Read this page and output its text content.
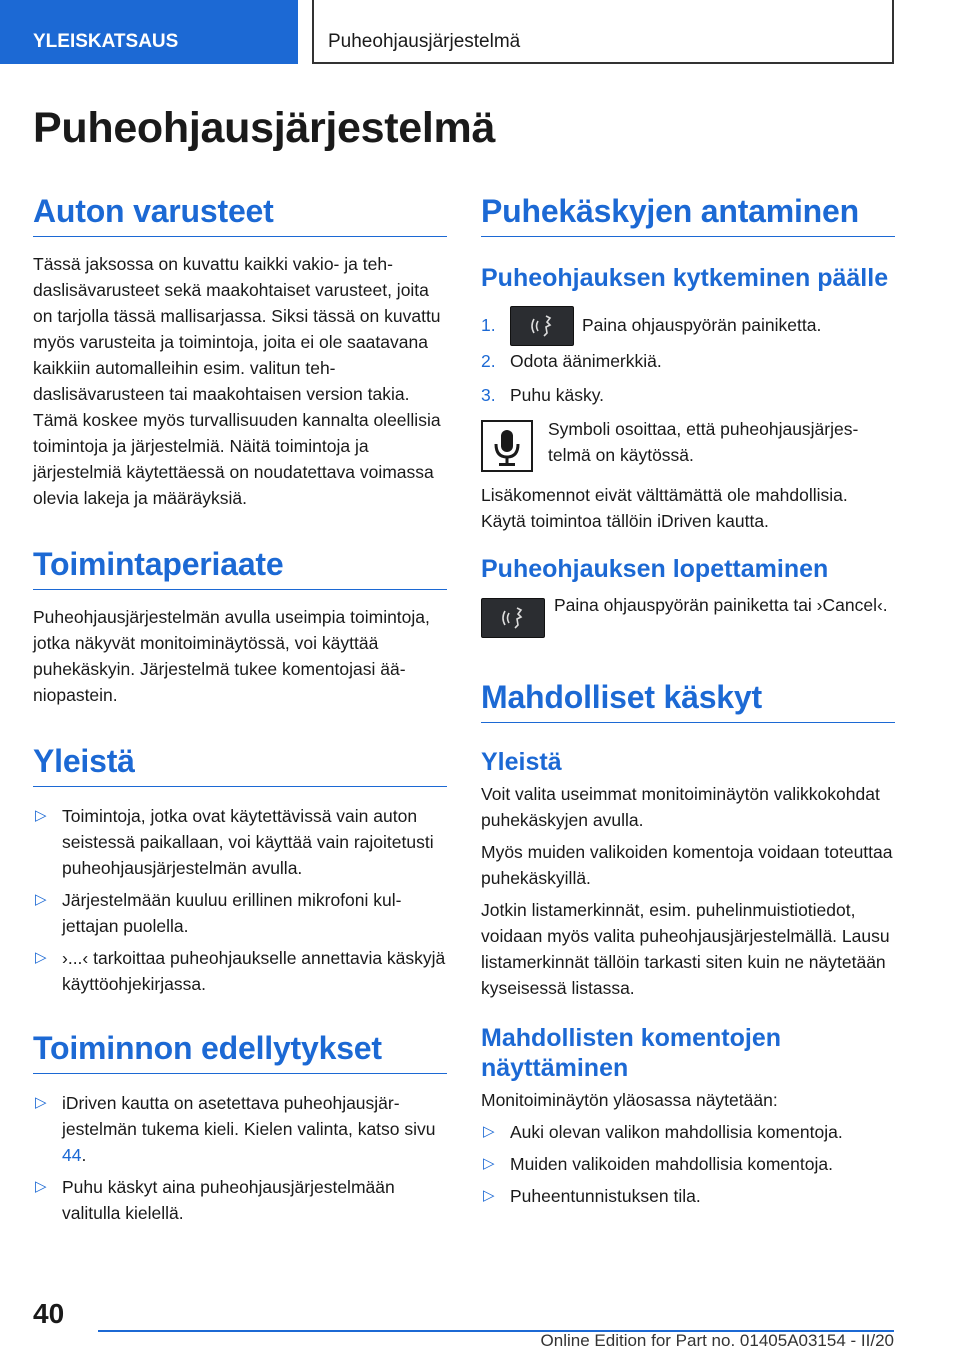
YLEISKATSAUS	Puheohjausjärjestelmä
Puheohjausjärjestelmä
Auton varusteet

Tässä jaksossa on kuvattu kaikki vakio- ja tehdaslisävarusteet sekä maakohtaiset varusteet, joita on tarjolla tässä mallisarjassa. Siksi tässä on kuvattu myös varusteita ja toimintoja, joita ei ole saatavana kaikkiin automalleihin esim. valitun tehdaslisävarusteen tai maakohtaisen version takia. Tämä koskee myös turvallisuuden kannalta oleellisia toimintoja ja järjestelmiä. Näitä toimintoja ja järjestelmiä käytettäessä on noudatettava voimassa olevia lakeja ja määräyksiä.

Toimintaperiaate

Puheohjausjärjestelmän avulla useimpia toimintoja, jotka näkyvät monitoiminäytössä, voi käyttää puhekäskyin. Järjestelmä tukee komentojasi ääniopastein.

Yleistä
▷ Toimintoja, jotka ovat käytettävissä vain auton seistessä paikallaan, voi käyttää vain rajoitetusti puheohjausjärjestelmän avulla.
▷ Järjestelmään kuuluu erillinen mikrofoni kuljettajan puolella.
▷ ›...‹ tarkoittaa puheohjaukselle annettavia käskyjä käyttöohjekirjassa.
Toiminnon edellytykset
▷ iDriven kautta on asetettava puheohjausjärjestelmän tukema kieli. Kielen valinta, katso sivu 44.
▷ Puhu käskyt aina puheohjausjärjestelmään valitulla kielellä.
Puhekäskyjen antaminen
Puheohjauksen kytkeminen päälle
1.	Paina ohjauspyörän painiketta.
2. Odota äänimerkkiä.
3. Puhu käsky.

Symboli osoittaa, että puheohjausjärjestelmä on käytössä.

Lisäkomennot eivät välttämättä ole mahdollisia. Käytä toimintoa tällöin iDriven kautta.

Puheohjauksen lopettaminen

Paina ohjauspyörän painiketta tai ›Cancel‹.

Mahdolliset käskyt
Yleistä

Voit valita useimmat monitoiminäytön valikkokohdat puhekäskyjen avulla.

Myös muiden valikoiden komentoja voidaan toteuttaa puhekäskyillä.

Jotkin listamerkinnät, esim. puhelinmuistiotiedot, voidaan myös valita puheohjausjärjestelmällä. Lausu listamerkinnät tällöin tarkasti siten kuin ne näytetään kyseisessä listassa.

Mahdollisten komentojen näyttäminen

Monitoiminäytön yläosassa näytetään:

▷ Auki olevan valikon mahdollisia komentoja.
▷ Muiden valikoiden mahdollisia komentoja.
▷ Puheentunnistuksen tila.
40
Online Edition for Part no. 01405A03154 - II/20
